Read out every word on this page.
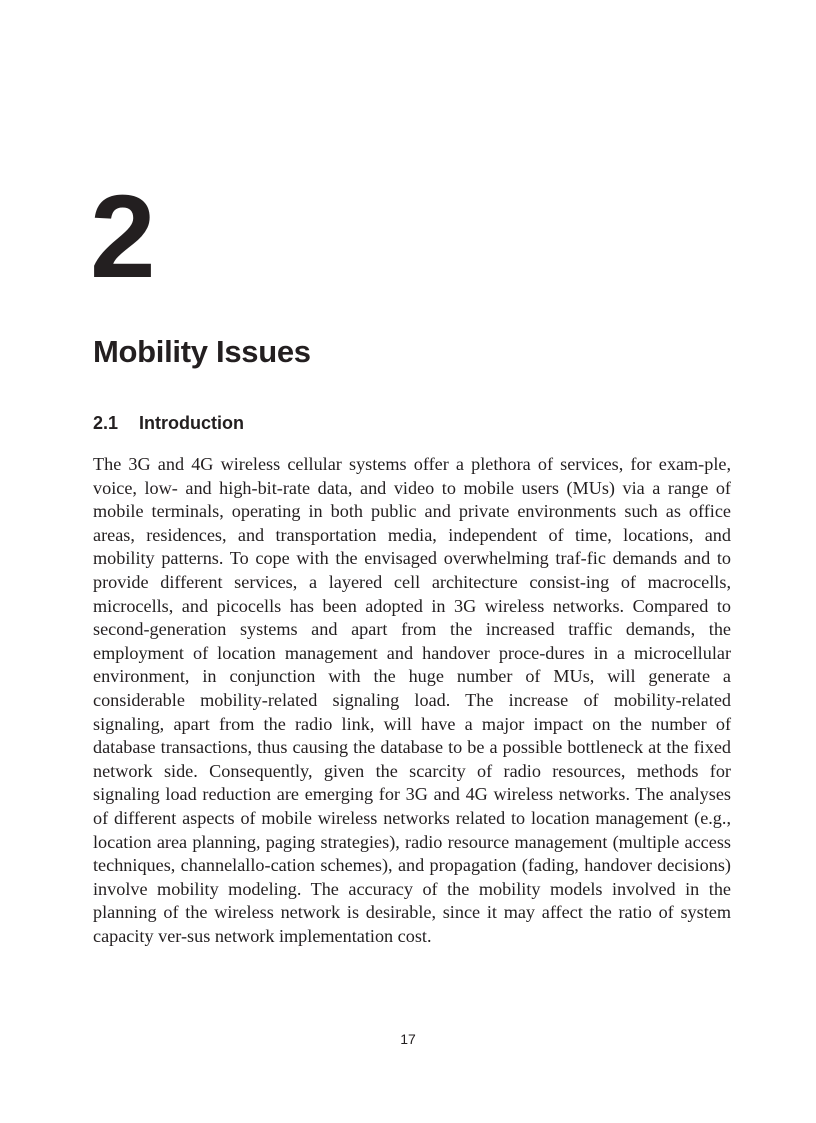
2
Mobility Issues
2.1 Introduction

The 3G and 4G wireless cellular systems offer a plethora of services, for exam-ple, voice, low- and high-bit-rate data, and video to mobile users (MUs) via a range of mobile terminals, operating in both public and private environments such as office areas, residences, and transportation media, independent of time, locations, and mobility patterns. To cope with the envisaged overwhelming traf-fic demands and to provide different services, a layered cell architecture consist-ing of macrocells, microcells, and picocells has been adopted in 3G wireless networks. Compared to second-generation systems and apart from the increased traffic demands, the employment of location management and handover proce-dures in a microcellular environment, in conjunction with the huge number of MUs, will generate a considerable mobility-related signaling load. The increase of mobility-related signaling, apart from the radio link, will have a major impact on the number of database transactions, thus causing the database to be a possible bottleneck at the fixed network side. Consequently, given the scarcity of radio resources, methods for signaling load reduction are emerging for 3G and 4G wireless networks. The analyses of different aspects of mobile wireless networks related to location management (e.g., location area planning, paging strategies), radio resource management (multiple access techniques, channelallo-cation schemes), and propagation (fading, handover decisions) involve mobility modeling. The accuracy of the mobility models involved in the planning of the wireless network is desirable, since it may affect the ratio of system capacity ver-sus network implementation cost.

17
